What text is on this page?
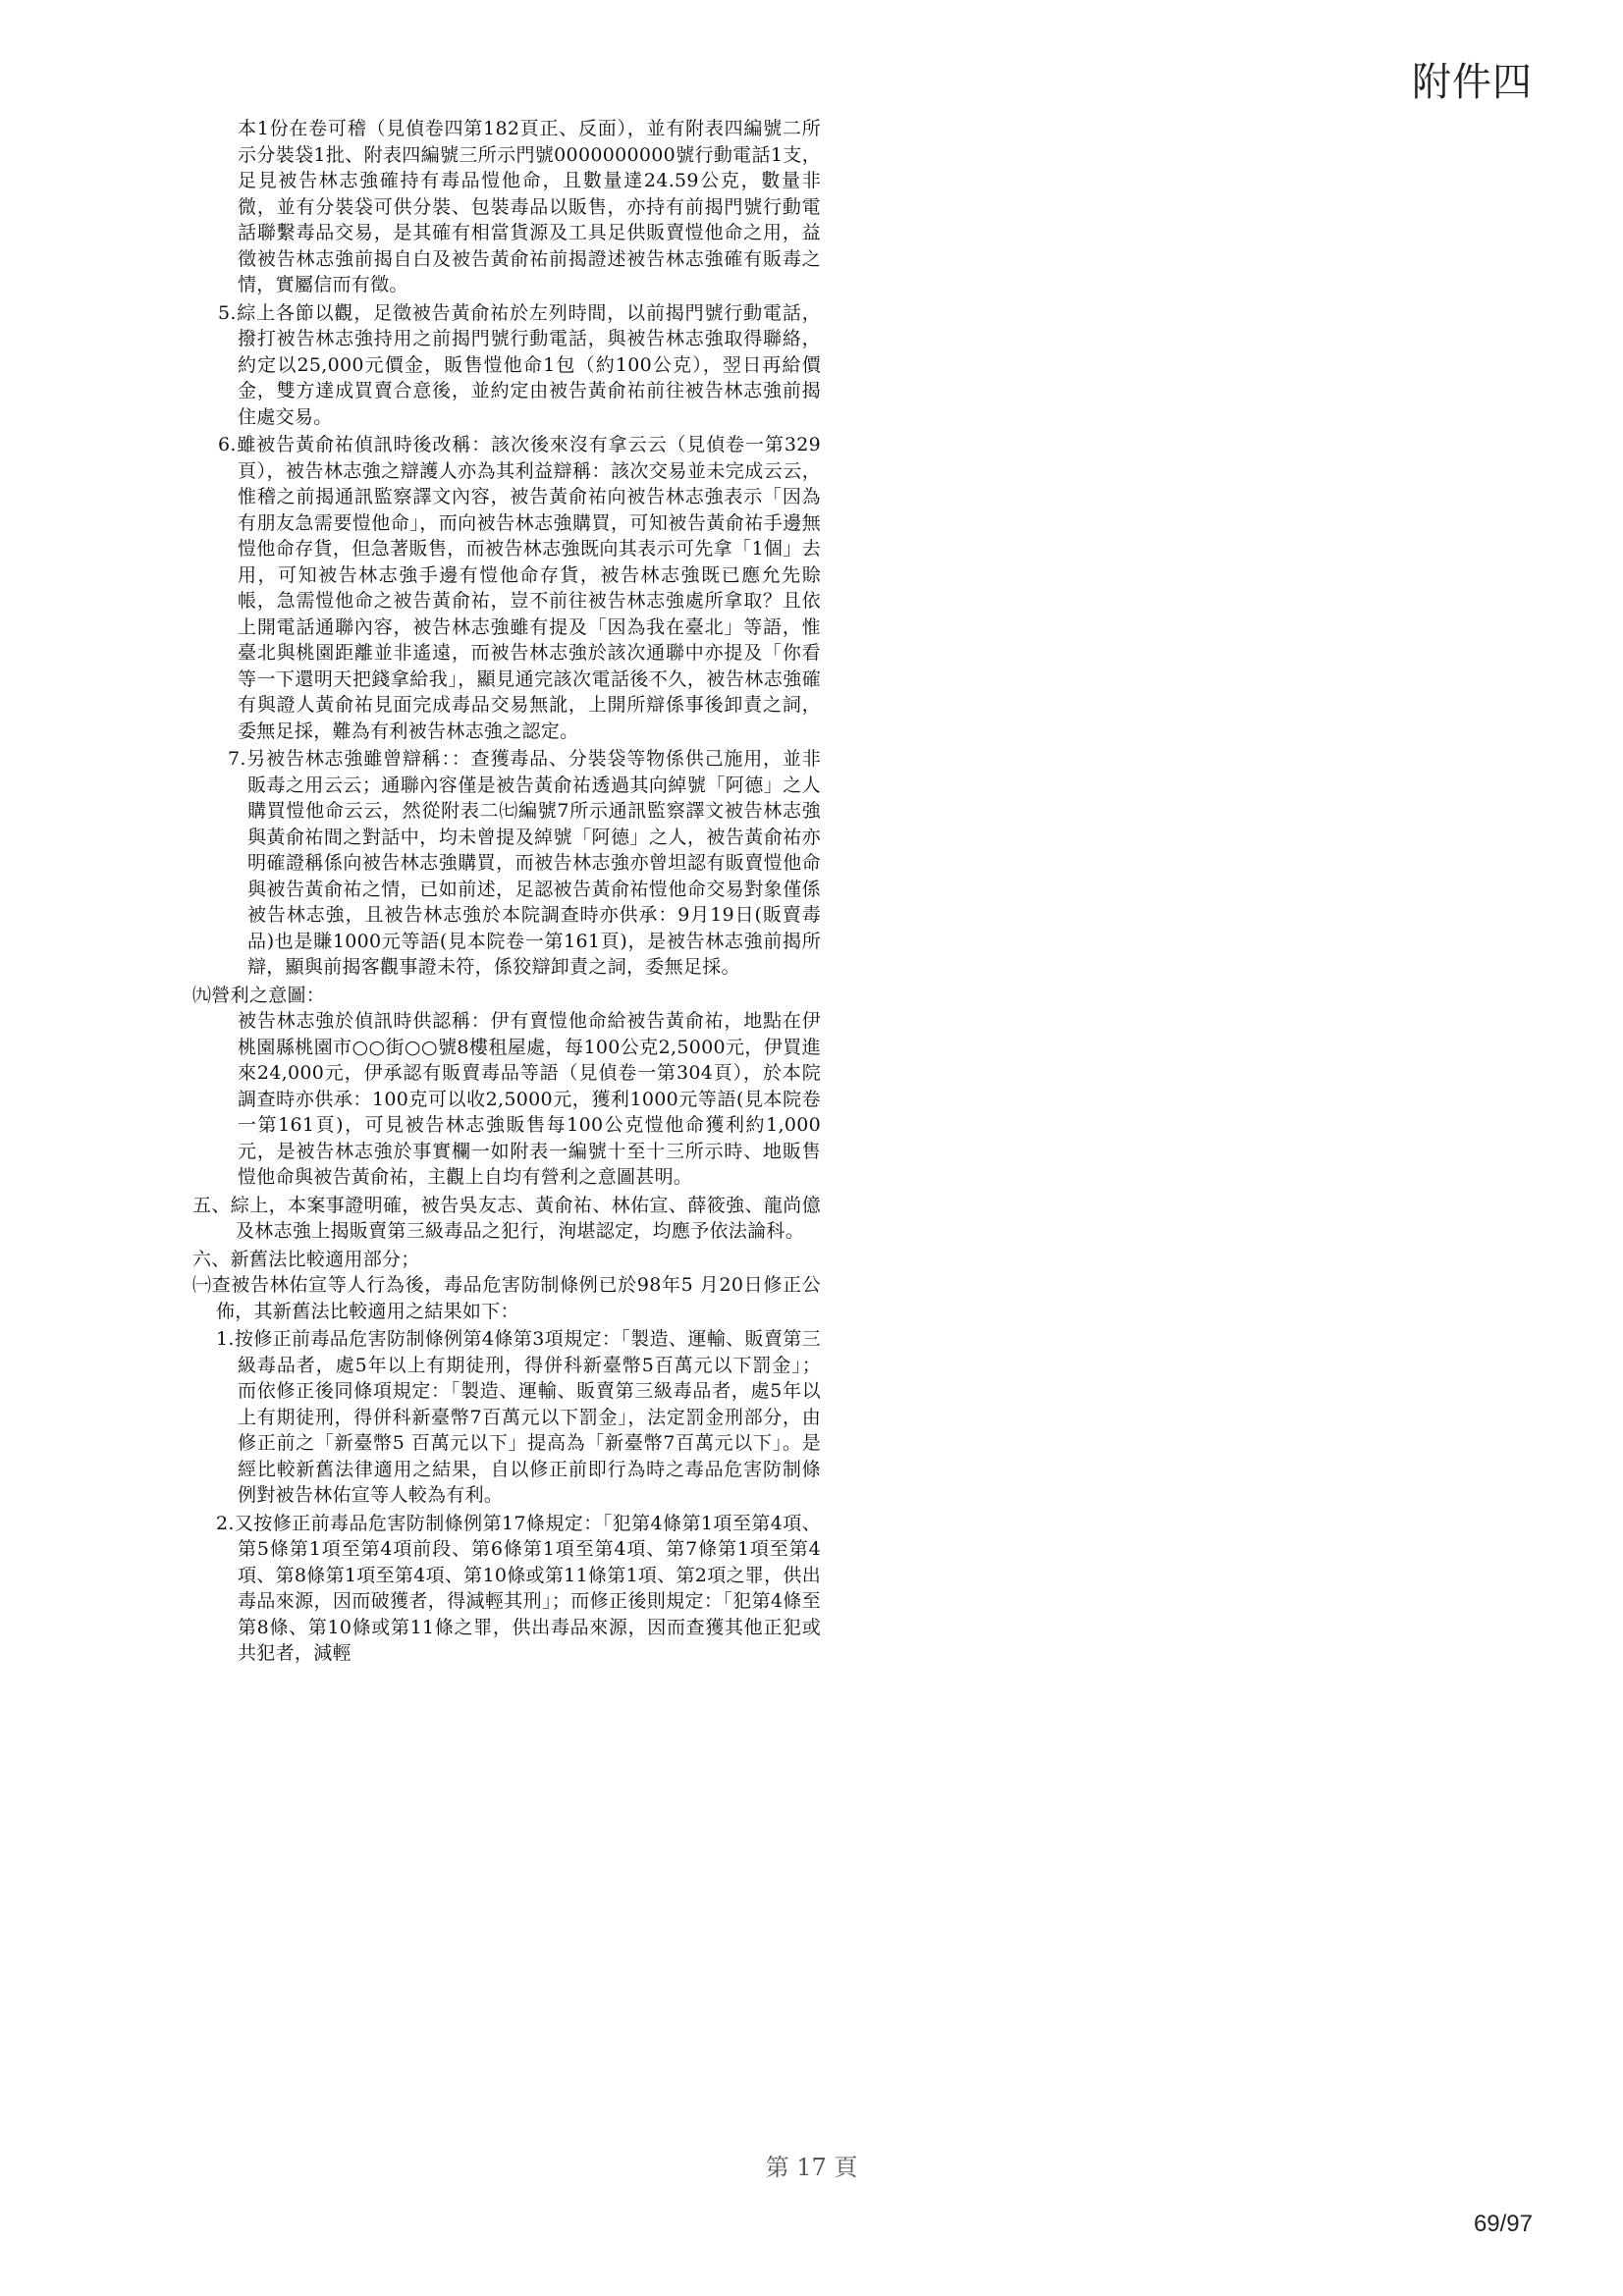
附件四

本1份在卷可稽（見偵卷四第182頁正、反面），並有附表四編號二所示分裝袋1批、附表四編號三所示門號0000000000號行動電話1支，足見被告林志強確持有毒品愷他命，且數量達24.59公克，數量非微，並有分裝袋可供分裝、包裝毒品以販售，亦持有前揭門號行動電話聯繫毒品交易，是其確有相當貨源及工具足供販賣愷他命之用，益徵被告林志強前揭自白及被告黃俞祐前揭證述被告林志強確有販毒之情，實屬信而有徵。

5.綜上各節以觀，足徵被告黃俞祐於左列時間，以前揭門號行動電話，撥打被告林志強持用之前揭門號行動電話，與被告林志強取得聯絡，約定以25,000元價金，販售愷他命1包（約100公克），翌日再給價金，雙方達成買賣合意後，並約定由被告黃俞祐前往被告林志強前揭住處交易。

6.雖被告黃俞祐偵訊時後改稱：該次後來沒有拿云云（見偵卷一第329頁），被告林志強之辯護人亦為其利益辯稱：該次交易並未完成云云，惟稽之前揭通訊監察譯文內容，被告黃俞祐向被告林志強表示「因為有朋友急需要愷他命」，而向被告林志強購買，可知被告黃俞祐手邊無愷他命存貨，但急著販售，而被告林志強既向其表示可先拿「1個」去用，可知被告林志強手邊有愷他命存貨，被告林志強既已應允先賒帳，急需愷他命之被告黃俞祐，豈不前往被告林志強處所拿取？且依上開電話通聯內容，被告林志強雖有提及「因為我在臺北」等語，惟臺北與桃園距離並非遙遠，而被告林志強於該次通聯中亦提及「你看等一下還明天把錢拿給我」，顯見通完該次電話後不久，被告林志強確有與證人黃俞祐見面完成毒品交易無訛，上開所辯係事後卸責之詞，委無足採，難為有利被告林志強之認定。

7.另被告林志強雖曾辯稱：：查獲毒品、分裝袋等物係供己施用，並非販毒之用云云；通聯內容僅是被告黃俞祐透過其向綽號「阿德」之人購買愷他命云云，然從附表二㈦編號7所示通訊監察譯文被告林志強與黃俞祐間之對話中，均未曾提及綽號「阿德」之人，被告黃俞祐亦明確證稱係向被告林志強購買，而被告林志強亦曾坦認有販賣愷他命與被告黃俞祐之情，已如前述，足認被告黃俞祐愷他命交易對象僅係被告林志強，且被告林志強於本院調查時亦供承：9月19日(販賣毒品)也是賺1000元等語(見本院卷一第161頁)，是被告林志強前揭所辯，顯與前揭客觀事證未符，係狡辯卸責之詞，委無足採。

㈨營利之意圖：

被告林志強於偵訊時供認稱：伊有賣愷他命給被告黃俞祐，地點在伊桃園縣桃園市○○街○○號8樓租屋處，每100公克2,5000元，伊買進來24,000元，伊承認有販賣毒品等語（見偵卷一第304頁），於本院調查時亦供承：100克可以收2,5000元，獲利1000元等語(見本院卷一第161頁)，可見被告林志強販售每100公克愷他命獲利約1,000元，是被告林志強於事實欄一如附表一編號十至十三所示時、地販售愷他命與被告黃俞祐，主觀上自均有營利之意圖甚明。

五、綜上，本案事證明確，被告吳友志、黃俞祐、林佑宣、薛筱強、龍尚億及林志強上揭販賣第三級毒品之犯行，洵堪認定，均應予依法論科。

六、新舊法比較適用部分；

㈠查被告林佑宣等人行為後，毒品危害防制條例已於98年5 月20日修正公佈，其新舊法比較適用之結果如下：

1.按修正前毒品危害防制條例第4條第3項規定：「製造、運輸、販賣第三級毒品者，處5年以上有期徒刑，得併科新臺幣5百萬元以下罰金」；而依修正後同條項規定：「製造、運輸、販賣第三級毒品者，處5年以上有期徒刑，得併科新臺幣7百萬元以下罰金」，法定罰金刑部分，由修正前之「新臺幣5 百萬元以下」提高為「新臺幣7百萬元以下」。是經比較新舊法律適用之結果，自以修正前即行為時之毒品危害防制條例對被告林佑宣等人較為有利。

2.又按修正前毒品危害防制條例第17條規定：「犯第4條第1項至第4項、第5條第1項至第4項前段、第6條第1項至第4項、第7條第1項至第4項、第8條第1項至第4項、第10條或第11條第1項、第2項之罪，供出毒品來源，因而破獲者，得減輕其刑」；而修正後則規定：「犯第4條至第8條、第10條或第11條之罪，供出毒品來源，因而查獲其他正犯或共犯者，減輕

第 17 頁
69/97
